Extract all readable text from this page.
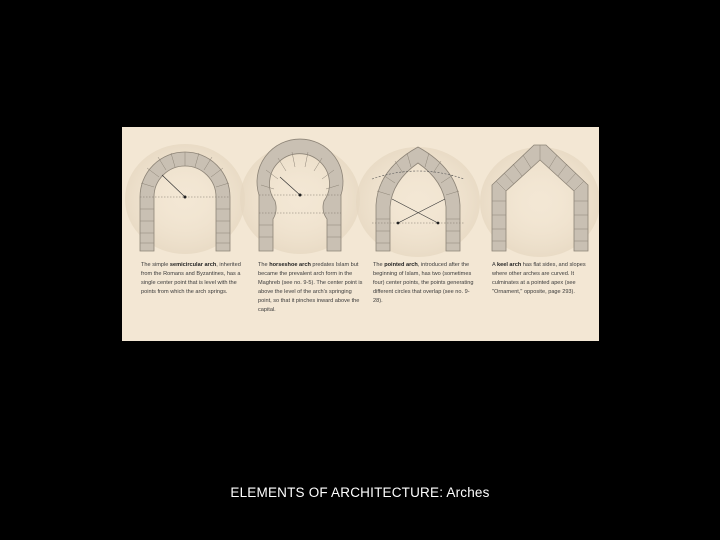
The simple semicircular arch, inherited from the Romans and Byzantines, has a single center point that is level with the points from which the arch springs.
The horseshoe arch predates Islam but became the prevalent arch form in the Maghreb (see no. 9-5). The center point is above the level of the arch's springing point, so that it pinches inward above the capital.
The pointed arch, introduced after the beginning of Islam, has two (sometimes four) center points, the points generating different circles that overlap (see no. 9-28).
A keel arch has flat sides, and slopes where other arches are curved. It culminates at a pointed apex (see "Ornament," opposite, page 293).
ELEMENTS OF ARCHITECTURE: Arches
